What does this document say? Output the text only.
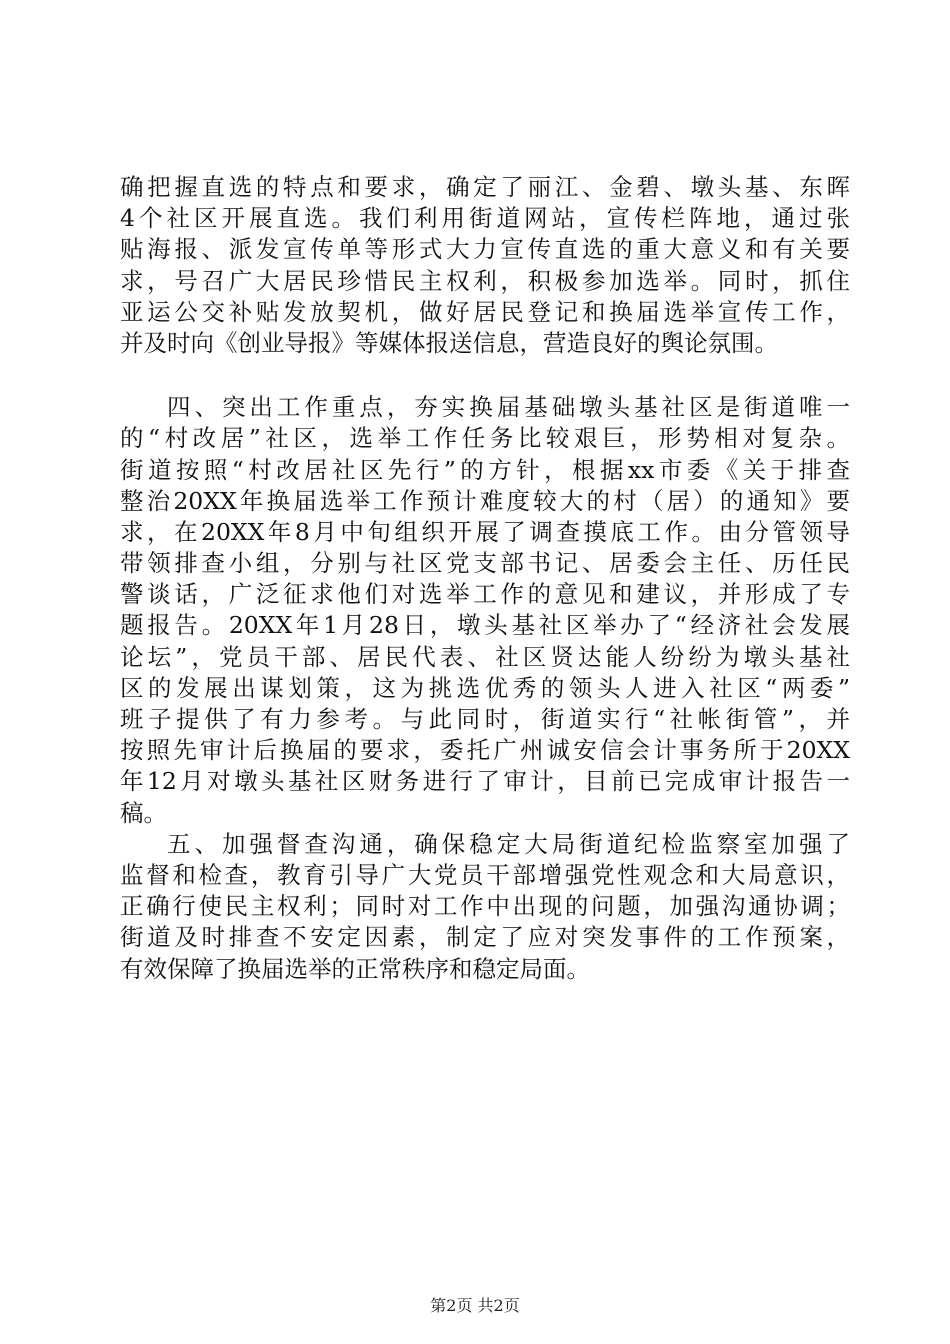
确把握直选的特点和要求，确定了丽江、金碧、墩头基、东晖
4个社区开展直选。我们利用街道网站，宣传栏阵地，通过张
贴海报、派发宣传单等形式大力宣传直选的重大意义和有关要
求，号召广大居民珍惜民主权利，积极参加选举。同时，抓住
亚运公交补贴发放契机，做好居民登记和换届选举宣传工作，
并及时向《创业导报》等媒体报送信息，营造良好的舆论氛围。
四、突出工作重点，夯实换届基础墩头基社区是街道唯一
的“村改居”社区，选举工作任务比较艰巨，形势相对复杂。
街道按照“村改居社区先行”的方针，根据xx市委《关于排查
整治20XX年换届选举工作预计难度较大的村（居）的通知》要
求，在20XX年8月中旬组织开展了调查摸底工作。由分管领导
带领排查小组，分别与社区党支部书记、居委会主任、历任民
警谈话，广泛征求他们对选举工作的意见和建议，并形成了专
题报告。20XX年1月28日，墩头基社区举办了“经济社会发展
论坛”，党员干部、居民代表、社区贤达能人纷纷为墩头基社
区的发展出谋划策，这为挑选优秀的领头人进入社区“两委”
班子提供了有力参考。与此同时，街道实行“社帐街管”，并
按照先审计后换届的要求，委托广州诚安信会计事务所于20XX
年12月对墩头基社区财务进行了审计，目前已完成审计报告一
稿。
五、加强督查沟通，确保稳定大局街道纪检监察室加强了
监督和检查，教育引导广大党员干部增强党性观念和大局意识，
正确行使民主权利；同时对工作中出现的问题，加强沟通协调；
街道及时排查不安定因素，制定了应对突发事件的工作预案，
有效保障了换届选举的正常秩序和稳定局面。
第2页 共2页
